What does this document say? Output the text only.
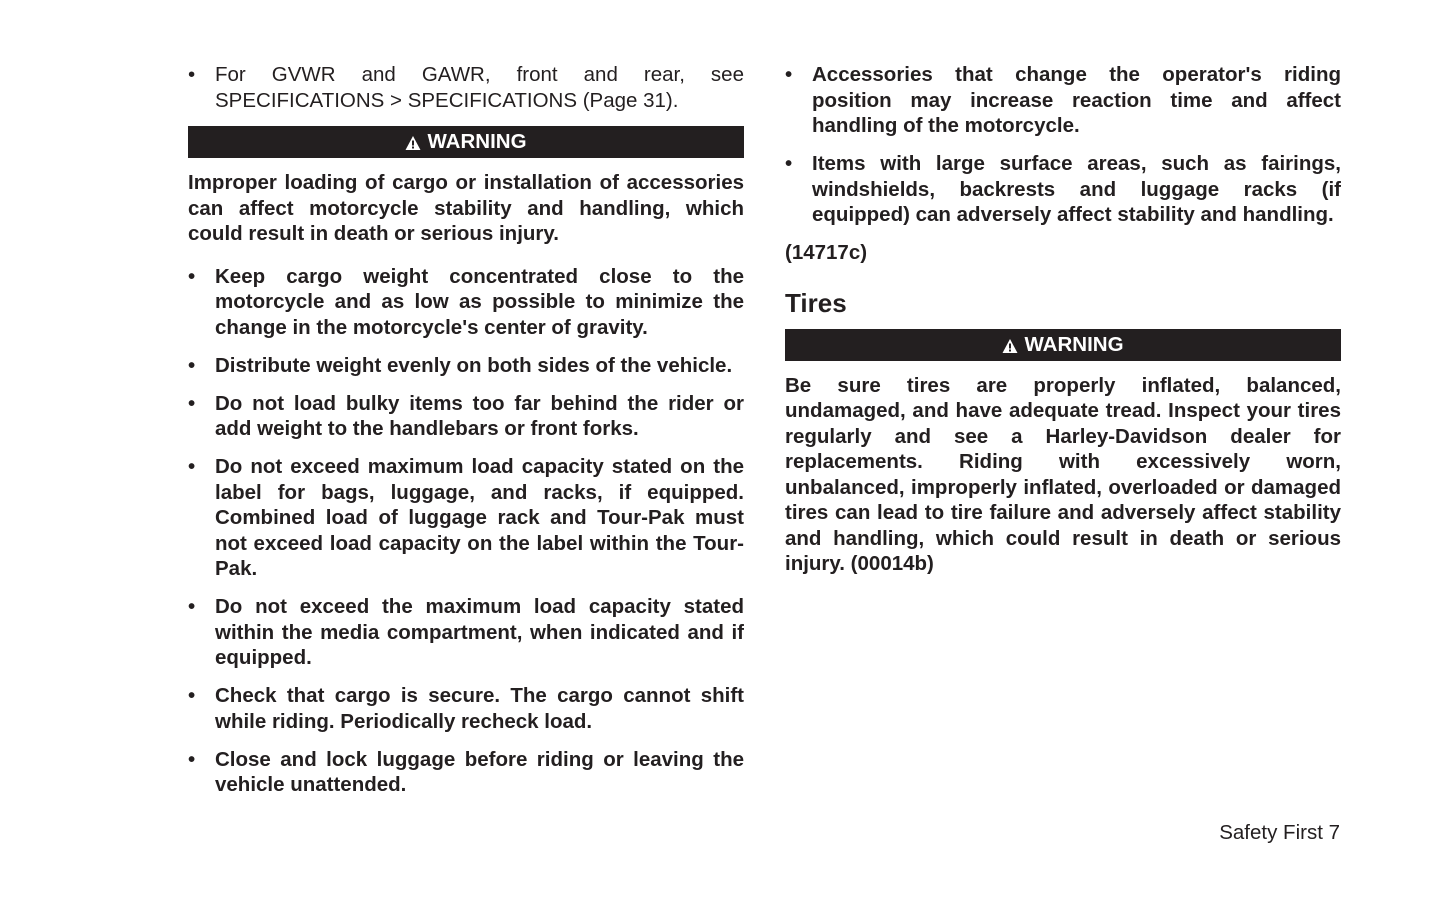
• For GVWR and GAWR, front and rear, see SPECIFICATIONS > SPECIFICATIONS (Page 31).
WARNING

Improper loading of cargo or installation of accessories can affect motorcycle stability and handling, which could result in death or serious injury.

• Keep cargo weight concentrated close to the motorcycle and as low as possible to minimize the change in the motorcycle's center of gravity.
• Distribute weight evenly on both sides of the vehicle.
• Do not load bulky items too far behind the rider or add weight to the handlebars or front forks.
• Do not exceed maximum load capacity stated on the label for bags, luggage, and racks, if equipped. Combined load of luggage rack and Tour-Pak must not exceed load capacity on the label within the Tour-Pak.
• Do not exceed the maximum load capacity stated within the media compartment, when indicated and if equipped.
• Check that cargo is secure. The cargo cannot shift while riding. Periodically recheck load.
• Close and lock luggage before riding or leaving the vehicle unattended.
• Accessories that change the operator's riding position may increase reaction time and affect handling of the motorcycle.
• Items with large surface areas, such as fairings, windshields, backrests and luggage racks (if equipped) can adversely affect stability and handling.

(14717c)

Tires
WARNING

Be sure tires are properly inflated, balanced, undamaged, and have adequate tread. Inspect your tires regularly and see a Harley-Davidson dealer for replacements. Riding with excessively worn, unbalanced, improperly inflated, overloaded or damaged tires can lead to tire failure and adversely affect stability and handling, which could result in death or serious injury. (00014b)

Safety First 7
